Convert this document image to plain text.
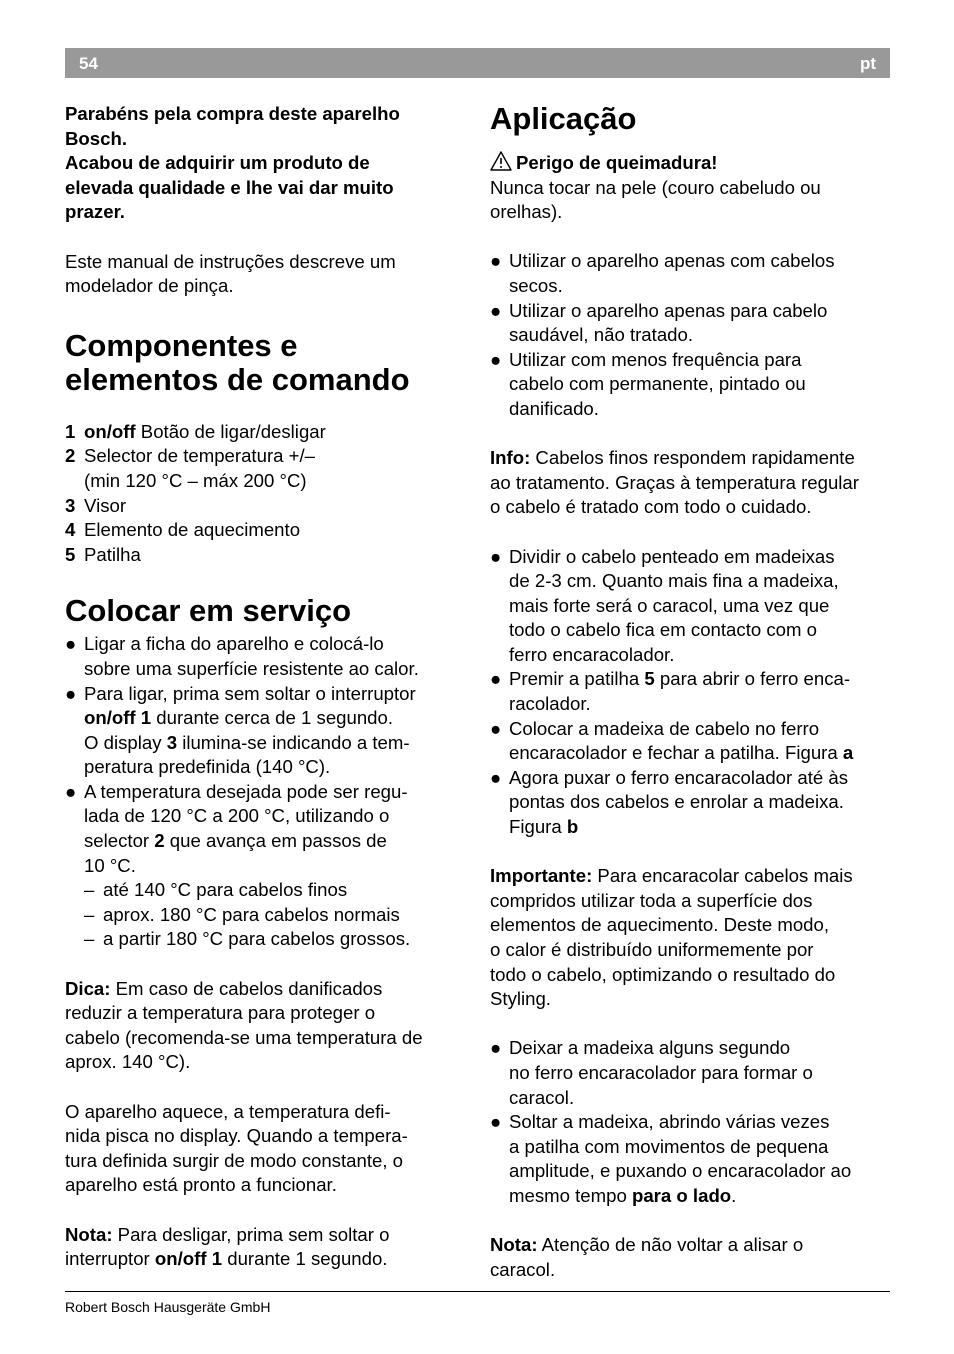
54	pt

Parabéns pela compra deste aparelho

Bosch.

Acabou de adquirir um produto de

elevada qualidade e lhe vai dar muito

prazer.

Este manual de instruções descreve um

modelador de pinça.

Componentes e
elementos de comando
1 on/off Botão de ligar/desligar
2 Selector de temperatura +/–
(min 120 °C – máx 200 °C)
3 Visor
4 Elemento de aquecimento
5 Patilha
Colocar em serviço
● Ligar a ficha do aparelho e colocá-lo
sobre uma superfície resistente ao calor.
● Para ligar, prima sem soltar o interruptor
on/off 1 durante cerca de 1 segundo.
O display 3 ilumina-se indicando a tem-
peratura predefinida (140 °C).
● A temperatura desejada pode ser regu-
lada de 120 °C a 200 °C, utilizando o
selector 2 que avança em passos de
10 °C.
– até 140 °C para cabelos finos
– aprox. 180 °C para cabelos normais
– a partir 180 °C para cabelos grossos.

Dica: Em caso de cabelos danificados

reduzir a temperatura para proteger o

cabelo (recomenda-se uma temperatura de

aprox. 140 °C).

O aparelho aquece, a temperatura defi-

nida pisca no display. Quando a tempera-

tura definida surgir de modo constante, o

aparelho está pronto a funcionar.

Nota: Para desligar, prima sem soltar o

interruptor on/off 1 durante 1 segundo.

Aplicação

Perigo de queimadura!

Nunca tocar na pele (couro cabeludo ou

orelhas).

● Utilizar o aparelho apenas com cabelos
secos.
● Utilizar o aparelho apenas para cabelo
saudável, não tratado.
● Utilizar com menos frequência para
cabelo com permanente, pintado ou
danificado.

Info: Cabelos finos respondem rapidamente

ao tratamento. Graças à temperatura regular

o cabelo é tratado com todo o cuidado.

● Dividir o cabelo penteado em madeixas
de 2-3 cm. Quanto mais fina a madeixa,
mais forte será o caracol, uma vez que
todo o cabelo fica em contacto com o
ferro encaracolador.
● Premir a patilha 5 para abrir o ferro enca-
racolador.
● Colocar a madeixa de cabelo no ferro
encaracolador e fechar a patilha. Figura a
● Agora puxar o ferro encaracolador até às
pontas dos cabelos e enrolar a madeixa.
Figura b

Importante: Para encaracolar cabelos mais

compridos utilizar toda a superfície dos

elementos de aquecimento. Deste modo,

o calor é distribuído uniformemente por

todo o cabelo, optimizando o resultado do

Styling.

● Deixar a madeixa alguns segundo
no ferro encaracolador para formar o
caracol.
● Soltar a madeixa, abrindo várias vezes
a patilha com movimentos de pequena
amplitude, e puxando o encaracolador ao
mesmo tempo para o lado.

Nota: Atenção de não voltar a alisar o

caracol.

Robert Bosch Hausgeräte GmbH
